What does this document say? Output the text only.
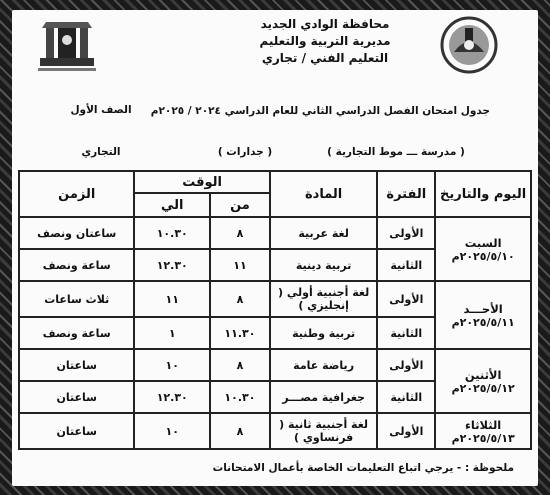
محافظة الوادي الجديد
مديرية التربية والتعليم
التعليم الفني / تجاري
جدول امتحان الفصل الدراسي الثاني للعام الدراسي ٢٠٢٤ / ٢٠٢٥م
الصف الأول
( مدرسة ـــ موط التجارية )
( جدارات )
التجاري
اليوم والتاريخ	الفترة	المادة	الوقت		الزمن
			من	الي	

السبت
٢٠٢٥/٥/١٠م	الأولى	لغة عربية	٨	١٠.٣٠	ساعتان ونصف
	الثانية	تربية دينية	١١	١٢.٣٠	ساعة ونصف

الأحـــد
٢٠٢٥/٥/١١م	الأولى	لغة أجنبية أولي ( إنجليزي )	٨	١١	ثلاث ساعات
	الثانية	تربية وطنية	١١.٣٠	١	ساعة ونصف

الأثنين
٢٠٢٥/٥/١٢م	الأولى	رياضة عامة	٨	١٠	ساعتان
	الثانية	جغرافية مصـــر	١٠.٣٠	١٢.٣٠	ساعتان

الثلاثاء
٢٠٢٥/٥/١٣م	الأولى	لغة أجنبية ثانية ( فرنساوي )	٨	١٠	ساعتان
ملحوظة : - يرجي اتباع التعليمات الخاصة بأعمال الامتحانات
